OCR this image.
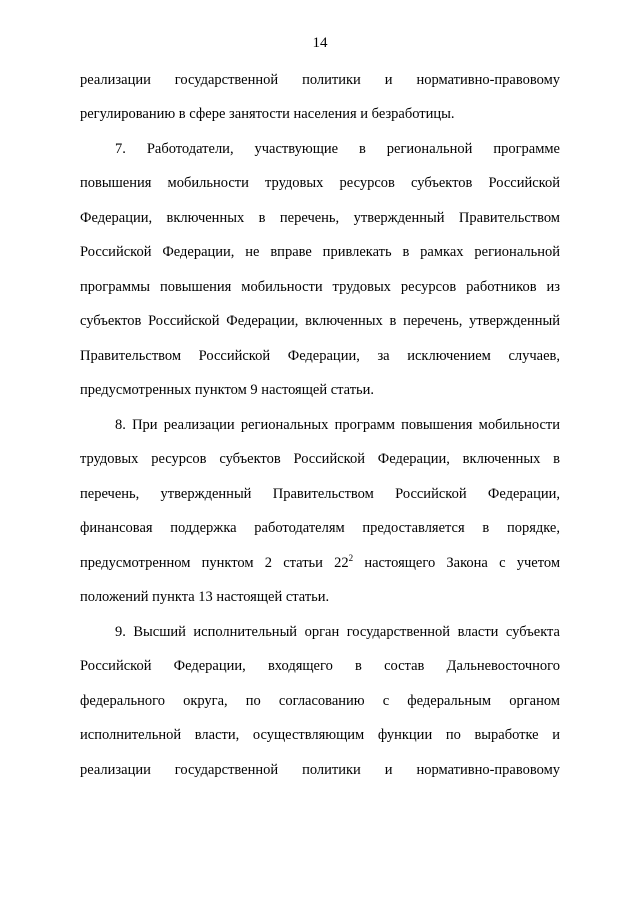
14
реализации государственной политики и нормативно-правовому
регулированию в сфере занятости населения и безработицы.
7. Работодатели, участвующие в региональной программе
повышения мобильности трудовых ресурсов субъектов Российской
Федерации, включенных в перечень, утвержденный Правительством
Российской Федерации, не вправе привлекать в рамках региональной
программы повышения мобильности трудовых ресурсов работников из
субъектов Российской Федерации, включенных в перечень, утвержденный
Правительством Российской Федерации, за исключением случаев,
предусмотренных пунктом 9 настоящей статьи.
8. При реализации региональных программ повышения мобильности
трудовых ресурсов субъектов Российской Федерации, включенных в
перечень, утвержденный Правительством Российской Федерации,
финансовая поддержка работодателям предоставляется в порядке,
предусмотренном пунктом 2 статьи $22^2$ настоящего Закона с учетом
положений пункта 13 настоящей статьи.
9. Высший исполнительный орган государственной власти субъекта
Российской Федерации, входящего в состав Дальневосточного
федерального округа, по согласованию с федеральным органом
исполнительной власти, осуществляющим функции по выработке и
реализации государственной политики и нормативно-правовому
